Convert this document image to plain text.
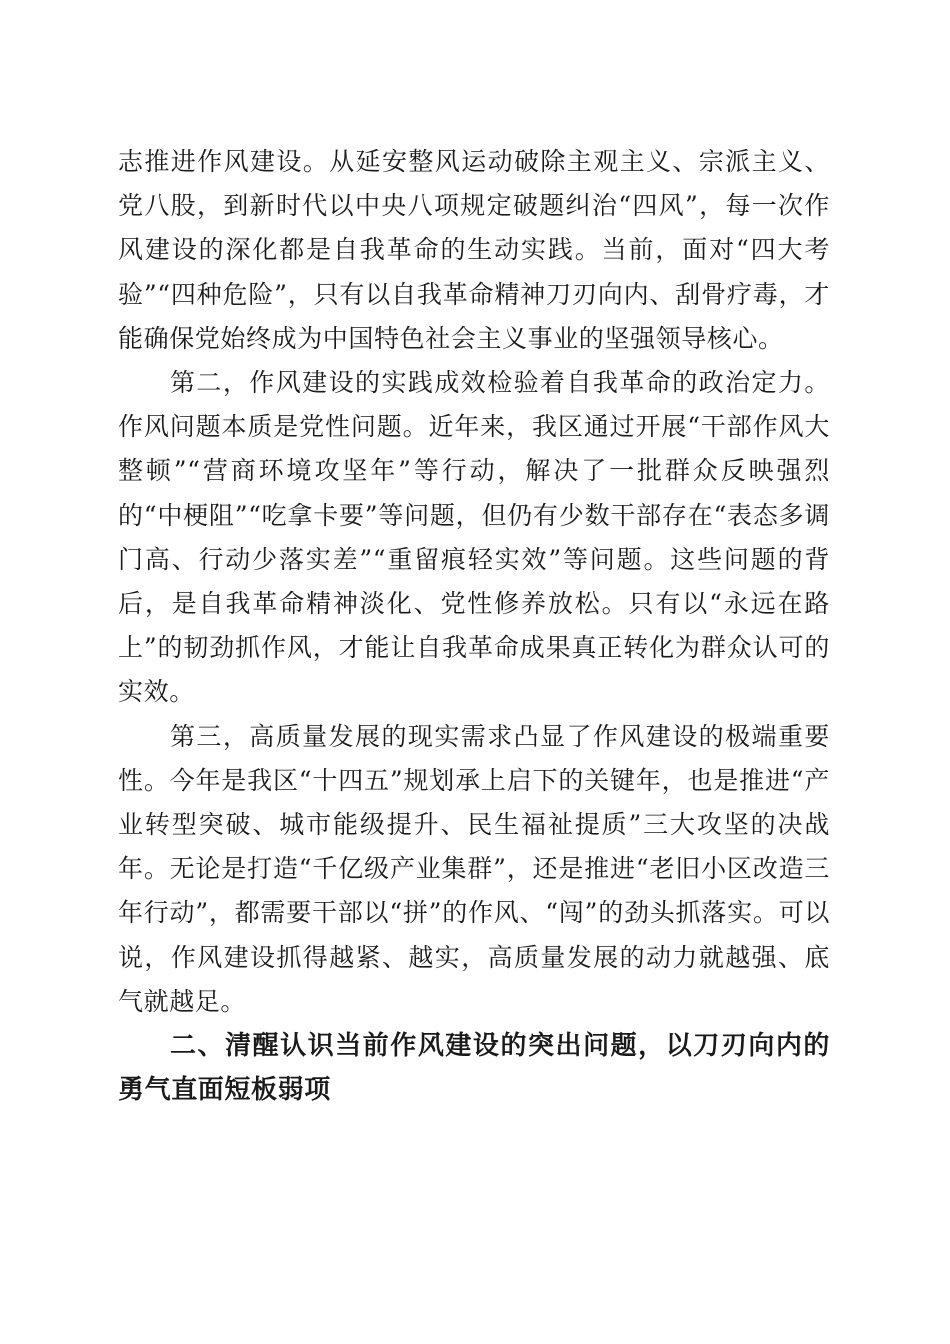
志推进作风建设。从延安整风运动破除主观主义、宗派主义、党八股，到新时代以中央八项规定破题纠治“四风”，每一次作风建设的深化都是自我革命的生动实践。当前，面对“四大考验”“四种危险”，只有以自我革命精神刀刃向内、刮骨疗毒，才能确保党始终成为中国特色社会主义事业的坚强领导核心。

第二，作风建设的实践成效检验着自我革命的政治定力。作风问题本质是党性问题。近年来，我区通过开展“干部作风大整顿”“营商环境攻坚年”等行动，解决了一批群众反映强烈的“中梗阻”“吃拿卡要”等问题，但仍有少数干部存在“表态多调门高、行动少落实差”“重留痕轻实效”等问题。这些问题的背后，是自我革命精神淡化、党性修养放松。只有以“永远在路上”的韧劲抓作风，才能让自我革命成果真正转化为群众认可的实效。

第三，高质量发展的现实需求凸显了作风建设的极端重要性。今年是我区“十四五”规划承上启下的关键年，也是推进“产业转型突破、城市能级提升、民生福祉提质”三大攻坚的决战年。无论是打造“千亿级产业集群”，还是推进“老旧小区改造三年行动”，都需要干部以“拼”的作风、“闯”的劲头抓落实。可以说，作风建设抓得越紧、越实，高质量发展的动力就越强、底气就越足。

二、清醒认识当前作风建设的突出问题，以刀刃向内的勇气直面短板弱项
